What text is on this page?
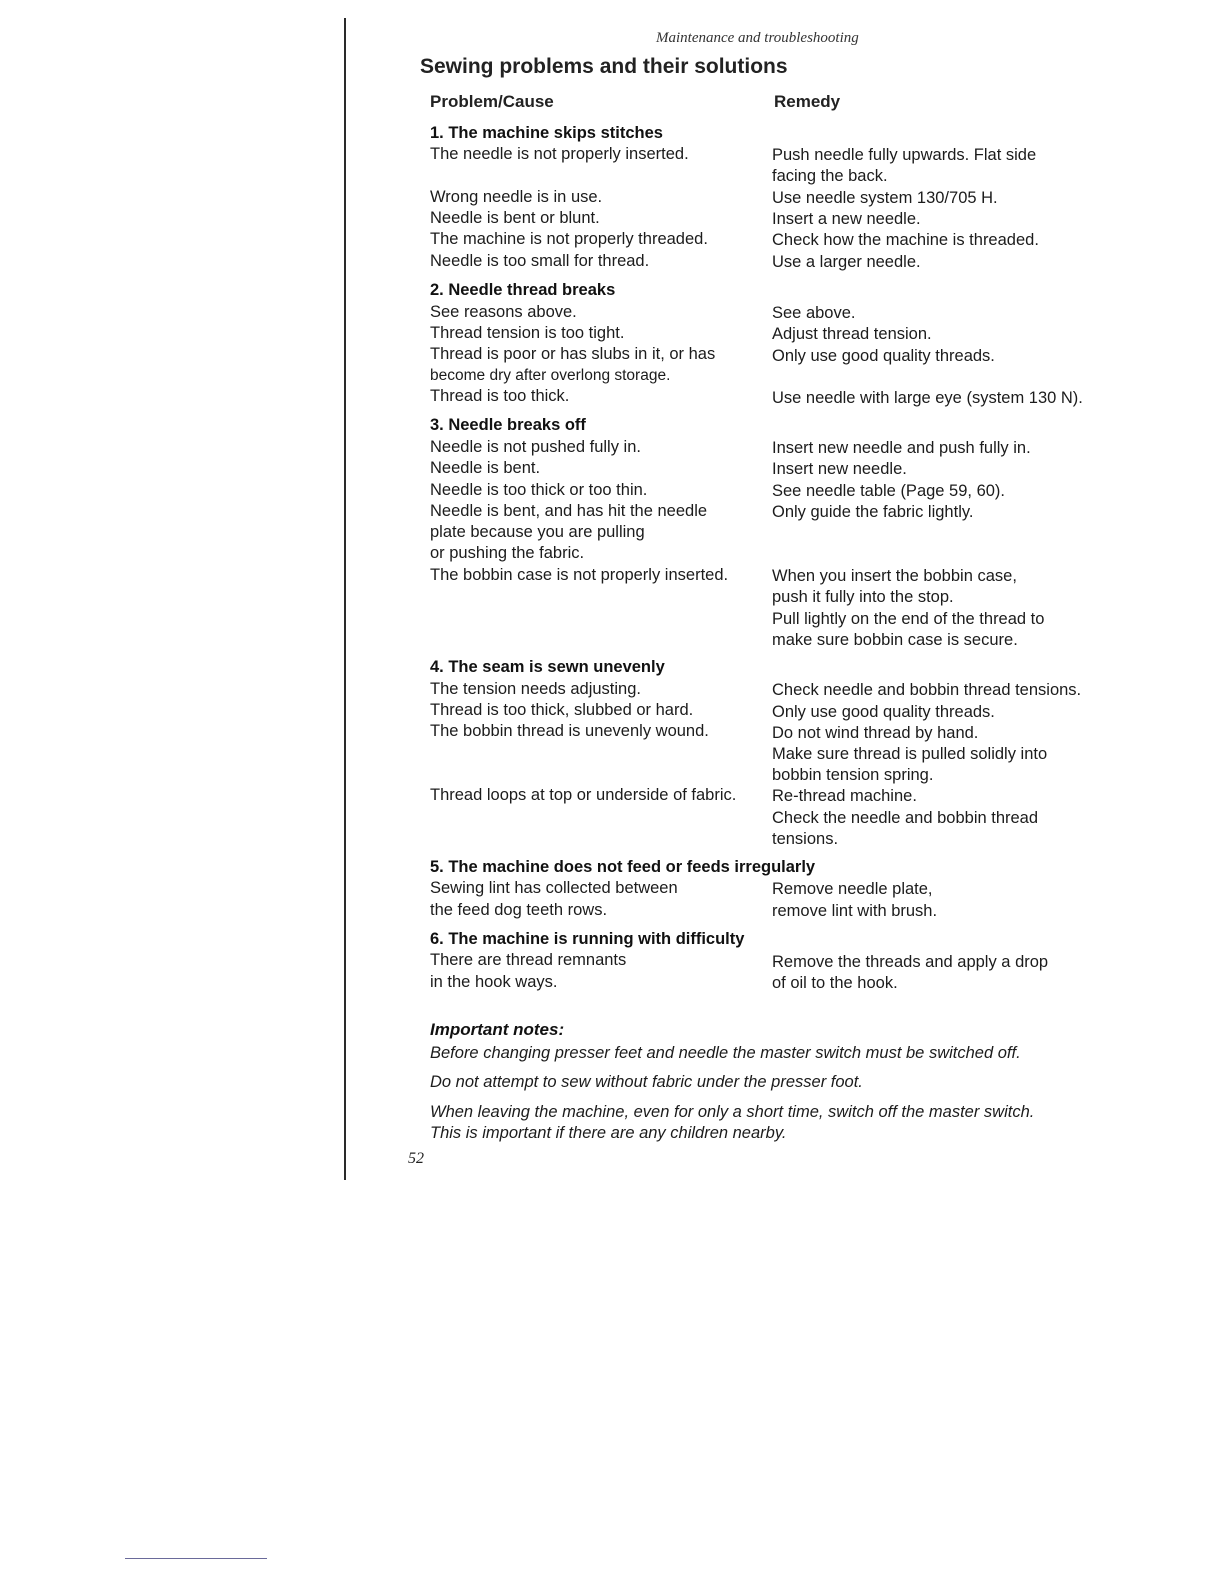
Maintenance and troubleshooting
Sewing problems and their solutions
Problem/Cause	Remedy
1. The machine skips stitches
The needle is not properly inserted.
Wrong needle is in use.
Needle is bent or blunt.
The machine is not properly threaded.
Needle is too small for thread.
Push needle fully upwards. Flat side
facing the back.
Use needle system 130/705 H.
Insert a new needle.
Check how the machine is threaded.
Use a larger needle.
2. Needle thread breaks
See reasons above.
Thread tension is too tight.
Thread is poor or has slubs in it, or has
become dry after overlong storage.
Thread is too thick.
See above.
Adjust thread tension.
Only use good quality threads.
Use needle with large eye (system 130 N).
3. Needle breaks off
Needle is not pushed fully in.
Needle is bent.
Needle is too thick or too thin.
Needle is bent, and has hit the needle
plate because you are pulling
or pushing the fabric.
The bobbin case is not properly inserted.
Insert new needle and push fully in.
Insert new needle.
See needle table (Page 59, 60).
Only guide the fabric lightly.
When you insert the bobbin case,
push it fully into the stop.
Pull lightly on the end of the thread to
make sure bobbin case is secure.
4. The seam is sewn unevenly
The tension needs adjusting.
Thread is too thick, slubbed or hard.
The bobbin thread is unevenly wound.
Thread loops at top or underside of fabric.
Check needle and bobbin thread tensions.
Only use good quality threads.
Do not wind thread by hand.
Make sure thread is pulled solidly into
bobbin tension spring.
Re-thread machine.
Check the needle and bobbin thread
tensions.
5. The machine does not feed or feeds irregularly
Sewing lint has collected between
the feed dog teeth rows.
Remove needle plate,
remove lint with brush.
6. The machine is running with difficulty
There are thread remnants
in the hook ways.
Remove the threads and apply a drop
of oil to the hook.
Important notes:
Before changing presser feet and needle the master switch must be switched off.
Do not attempt to sew without fabric under the presser foot.
When leaving the machine, even for only a short time, switch off the master switch.
This is important if there are any children nearby.
52
